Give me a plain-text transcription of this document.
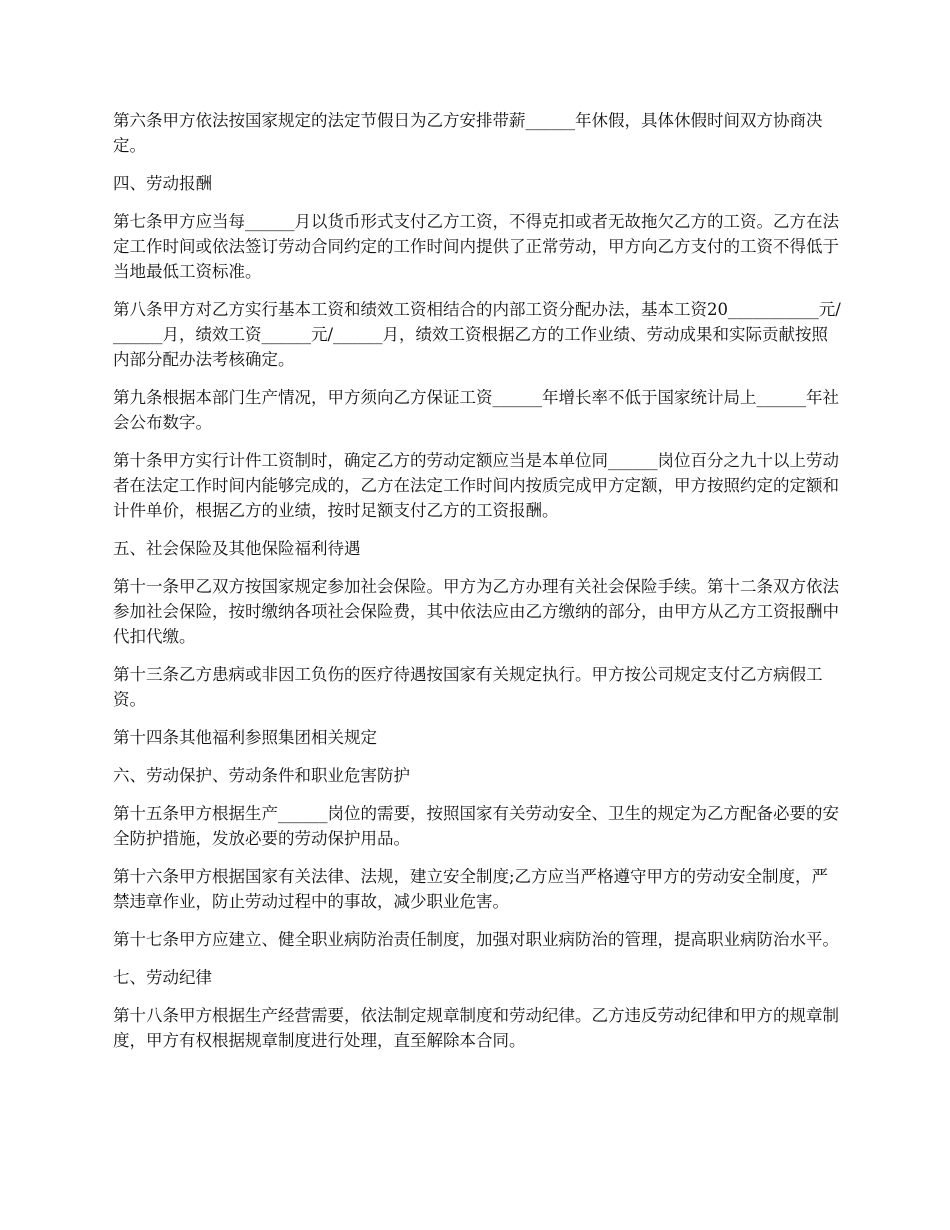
第六条甲方依法按国家规定的法定节假日为乙方安排带薪______年休假，具体休假时间双方协商决定。

四、劳动报酬

第七条甲方应当每______月以货币形式支付乙方工资，不得克扣或者无故拖欠乙方的工资。乙方在法定工作时间或依法签订劳动合同约定的工作时间内提供了正常劳动，甲方向乙方支付的工资不得低于当地最低工资标准。

第八条甲方对乙方实行基本工资和绩效工资相结合的内部工资分配办法，基本工资20___________元/______月，绩效工资______元/______月，绩效工资根据乙方的工作业绩、劳动成果和实际贡献按照内部分配办法考核确定。

第九条根据本部门生产情况，甲方须向乙方保证工资______年增长率不低于国家统计局上______年社会公布数字。

第十条甲方实行计件工资制时，确定乙方的劳动定额应当是本单位同______岗位百分之九十以上劳动者在法定工作时间内能够完成的，乙方在法定工作时间内按质完成甲方定额，甲方按照约定的定额和计件单价，根据乙方的业绩，按时足额支付乙方的工资报酬。

五、社会保险及其他保险福利待遇

第十一条甲乙双方按国家规定参加社会保险。甲方为乙方办理有关社会保险手续。第十二条双方依法参加社会保险，按时缴纳各项社会保险费，其中依法应由乙方缴纳的部分，由甲方从乙方工资报酬中代扣代缴。

第十三条乙方患病或非因工负伤的医疗待遇按国家有关规定执行。甲方按公司规定支付乙方病假工资。

第十四条其他福利参照集团相关规定

六、劳动保护、劳动条件和职业危害防护

第十五条甲方根据生产______岗位的需要，按照国家有关劳动安全、卫生的规定为乙方配备必要的安全防护措施，发放必要的劳动保护用品。

第十六条甲方根据国家有关法律、法规，建立安全制度;乙方应当严格遵守甲方的劳动安全制度，严禁违章作业，防止劳动过程中的事故，减少职业危害。

第十七条甲方应建立、健全职业病防治责任制度，加强对职业病防治的管理，提高职业病防治水平。

七、劳动纪律

第十八条甲方根据生产经营需要，依法制定规章制度和劳动纪律。乙方违反劳动纪律和甲方的规章制度，甲方有权根据规章制度进行处理，直至解除本合同。
